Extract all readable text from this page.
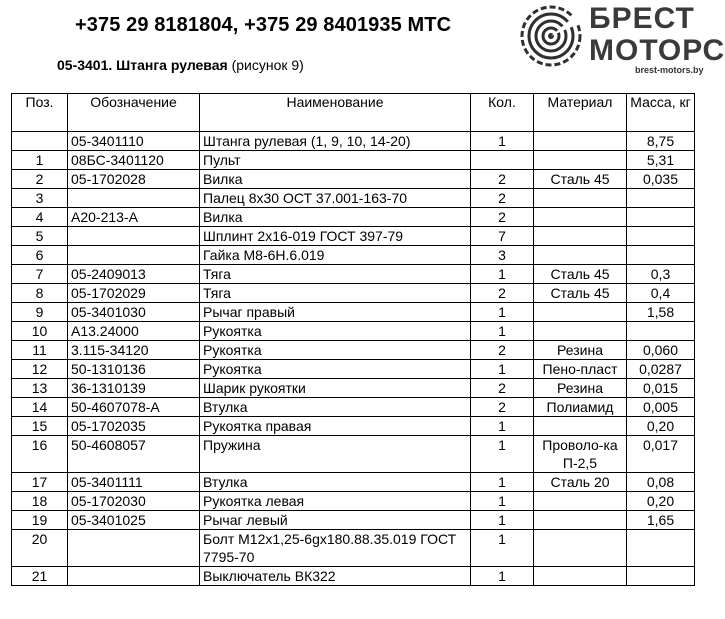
+375 29 8181804, +375 29 8401935 МТС
05-3401. Штанга рулевая (рисунок 9)
БРЕСТ
МОТОРС
brest-motors.by
Поз.	Обозначение	Наименование	Кол.	Материал	Масса, кг
	05-3401110	Штанга рулевая (1, 9, 10, 14-20)	1		8,75
1	08БС-3401120	Пульт			5,31
2	05-1702028	Вилка	2	Сталь 45	0,035
3		Палец 8х30 ОСТ 37.001-163-70	2		
4	А20-213-А	Вилка	2		
5		Шплинт 2х16-019 ГОСТ 397-79	7		
6		Гайка М8-6Н.6.019	3		
7	05-2409013	Тяга	1	Сталь 45	0,3
8	05-1702029	Тяга	2	Сталь 45	0,4
9	05-3401030	Рычаг правый	1		1,58
10	А13.24000	Рукоятка	1		
11	3.115-34120	Рукоятка	2	Резина	0,060
12	50-1310136	Рукоятка	1	Пено-пласт	0,0287
13	36-1310139	Шарик рукоятки	2	Резина	0,015
14	50-4607078-А	Втулка	2	Полиамид	0,005
15	05-1702035	Рукоятка правая	1		0,20
16	50-4608057	Пружина	1	Проволо-ка П-2,5	0,017
17	05-3401111	Втулка	1	Сталь 20	0,08
18	05-1702030	Рукоятка левая	1		0,20
19	05-3401025	Рычаг левый	1		1,65
20		Болт М12х1,25-6gх180.88.35.019 ГОСТ 7795-70	1		
21		Выключатель ВК322	1		
